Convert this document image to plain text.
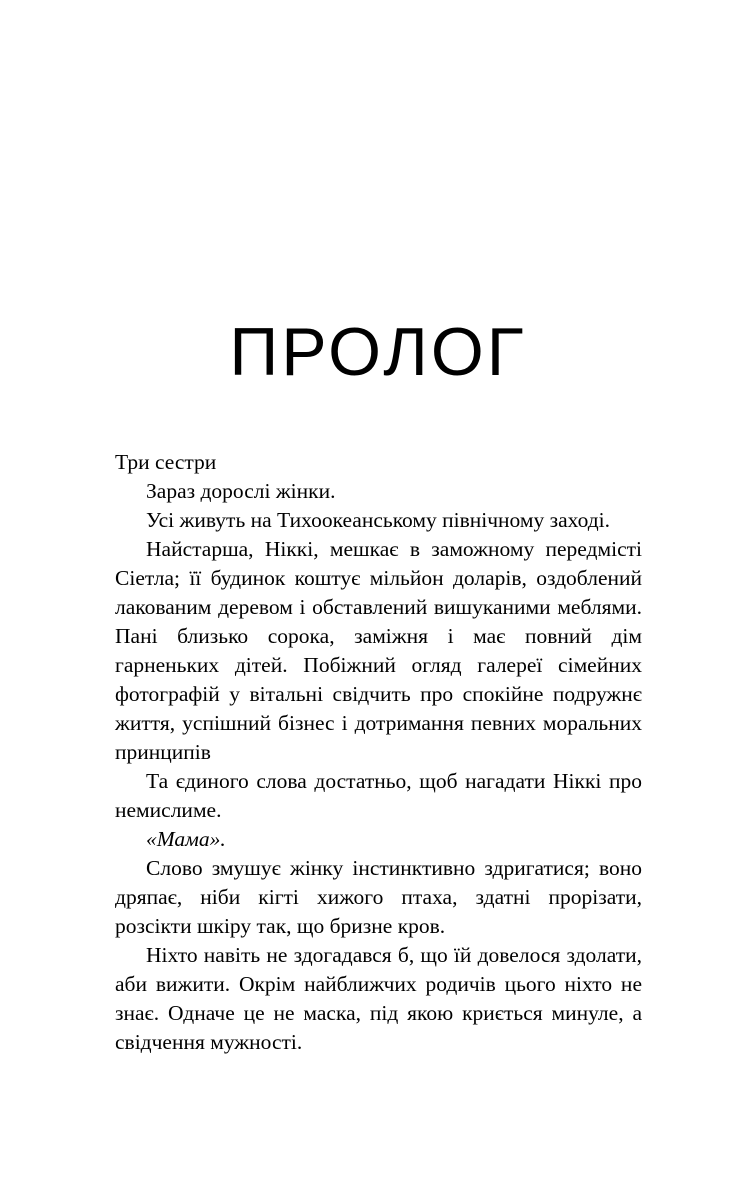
ПРОЛОГ

Три сестри

Зараз дорослі жінки.

Усі живуть на Тихоокеанському північному заході.

Найстарша, Ніккі, мешкає в заможному передмісті Сіетла; її будинок коштує мільйон доларів, оздоблений лакованим деревом і обставлений вишуканими меблями. Пані близько сорока, заміжня і має повний дім гарненьких дітей. Побіжний огляд галереї сімейних фотографій у вітальні свідчить про спокійне подружнє життя, успішний бізнес і дотримання певних моральних принципів

Та єдиного слова достатньо, щоб нагадати Ніккі про немислиме.

«Мама».

Слово змушує жінку інстинктивно здригатися; воно дряпає, ніби кігті хижого птаха, здатні прорізати, розсікти шкіру так, що бризне кров.

Ніхто навіть не здогадався б, що їй довелося здолати, аби вижити. Окрім найближчих родичів цього ніхто не знає. Одначе це не маска, під якою криється минуле, а свідчення мужності.
